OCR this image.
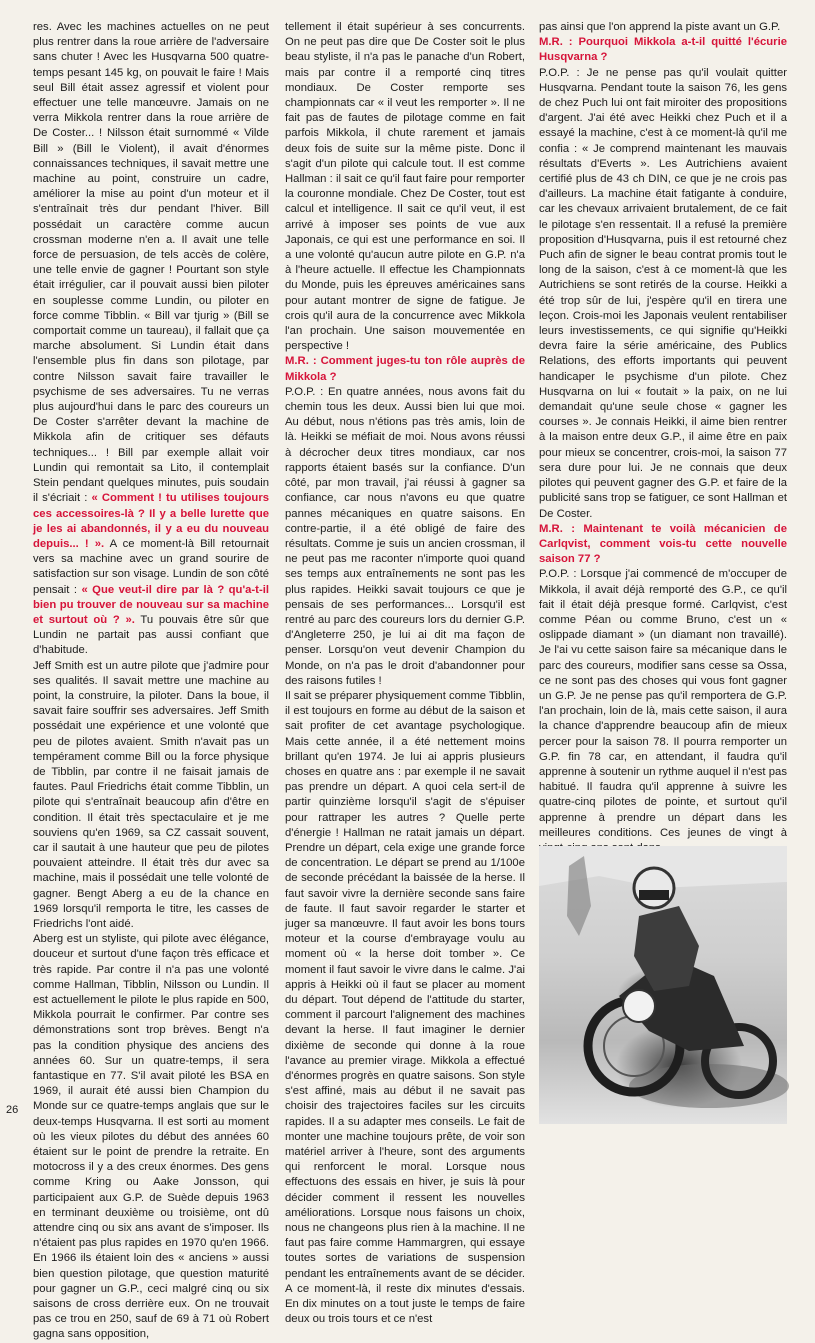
res. Avec les machines actuelles on ne peut plus rentrer dans la roue arrière de l'adversaire sans chuter ! Avec les Husqvarna 500 quatre-temps pesant 145 kg, on pouvait le faire ! Mais seul Bill était assez agressif et violent pour effectuer une telle manœuvre. Jamais on ne verra Mikkola rentrer dans la roue arrière de De Coster... ! Nilsson était surnommé « Vilde Bill » (Bill le Violent), il avait d'énormes connaissances techniques, il savait mettre une machine au point, construire un cadre, améliorer la mise au point d'un moteur et il s'entraînait très dur pendant l'hiver. Bill possédait un caractère comme aucun crossman moderne n'en a. Il avait une telle force de persuasion, de tels accès de colère, une telle envie de gagner ! Pourtant son style était irrégulier, car il pouvait aussi bien piloter en souplesse comme Lundin, ou piloter en force comme Tibblin. « Bill var tjurig » (Bill se comportait comme un taureau), il fallait que ça marche absolument. Si Lundin était dans l'ensemble plus fin dans son pilotage, par contre Nilsson savait faire travailler le psychisme de ses adversaires. Tu ne verras plus aujourd'hui dans le parc des coureurs un De Coster s'arrêter devant la machine de Mikkola afin de critiquer ses défauts techniques... ! Bill par exemple allait voir Lundin qui remontait sa Lito, il contemplait Stein pendant quelques minutes, puis soudain il s'écriait : « Comment ! tu utilises toujours ces accessoires-là ? Il y a belle lurette que je les ai abandonnés, il y a eu du nouveau depuis... ! ». A ce moment-là Bill retournait vers sa machine avec un grand sourire de satisfaction sur son visage. Lundin de son côté pensait : « Que veut-il dire par là ? qu'a-t-il bien pu trouver de nouveau sur sa machine et surtout où ? ». Tu pouvais être sûr que Lundin ne partait pas aussi confiant que d'habitude.
Jeff Smith est un autre pilote que j'admire pour ses qualités. Il savait mettre une machine au point, la construire, la piloter. Dans la boue, il savait faire souffrir ses adversaires. Jeff Smith possédait une expérience et une volonté que peu de pilotes avaient. Smith n'avait pas un tempérament comme Bill ou la force physique de Tibblin, par contre il ne faisait jamais de fautes. Paul Friedrichs était comme Tibblin, un pilote qui s'entraînait beaucoup afin d'être en condition. Il était très spectaculaire et je me souviens qu'en 1969, sa CZ cassait souvent, car il sautait à une hauteur que peu de pilotes pouvaient atteindre. Il était très dur avec sa machine, mais il possédait une telle volonté de gagner. Bengt Aberg a eu de la chance en 1969 lorsqu'il remporta le titre, les casses de Friedrichs l'ont aidé.
Aberg est un styliste, qui pilote avec élégance, douceur et surtout d'une façon très efficace et très rapide. Par contre il n'a pas une volonté comme Hallman, Tibblin, Nilsson ou Lundin. Il est actuellement le pilote le plus rapide en 500, Mikkola pourrait le confirmer. Par contre ses démonstrations sont trop brèves. Bengt n'a pas la condition physique des anciens des années 60. Sur un quatre-temps, il sera fantastique en 77. S'il avait piloté les BSA en 1969, il aurait été aussi bien Champion du Monde sur ce quatre-temps anglais que sur le deux-temps Husqvarna. Il est sorti au moment où les vieux pilotes du début des années 60 étaient sur le point de prendre la retraite. En motocross il y a des creux énormes. Des gens comme Kring ou Aake Jonsson, qui participaient aux G.P. de Suède depuis 1963 en terminant deuxième ou troisième, ont dû attendre cinq ou six ans avant de s'imposer. Ils n'étaient pas plus rapides en 1970 qu'en 1966. En 1966 ils étaient loin des « anciens » aussi bien question pilotage, que question maturité pour gagner un G.P., ceci malgré cinq ou six saisons de cross derrière eux. On ne trouvait pas ce trou en 250, sauf de 69 à 71 où Robert gagna sans opposition,

tellement il était supérieur à ses concurrents. On ne peut pas dire que De Coster soit le plus beau styliste, il n'a pas le panache d'un Robert, mais par contre il a remporté cinq titres mondiaux. De Coster remporte ses championnats car « il veut les remporter ». Il ne fait pas de fautes de pilotage comme en fait parfois Mikkola, il chute rarement et jamais deux fois de suite sur la même piste. Donc il s'agit d'un pilote qui calcule tout. Il est comme Hallman : il sait ce qu'il faut faire pour remporter la couronne mondiale. Chez De Coster, tout est calcul et intelligence. Il sait ce qu'il veut, il est arrivé à imposer ses points de vue aux Japonais, ce qui est une performance en soi. Il a une volonté qu'aucun autre pilote en G.P. n'a à l'heure actuelle. Il effectue les Championnats du Monde, puis les épreuves américaines sans pour autant montrer de signe de fatigue. Je crois qu'il aura de la concurrence avec Mikkola l'an prochain. Une saison mouvementée en perspective !
M.R. : Comment juges-tu ton rôle auprès de Mikkola ?
P.O.P. : En quatre années, nous avons fait du chemin tous les deux. Aussi bien lui que moi. Au début, nous n'étions pas très amis, loin de là. Heikki se méfiait de moi. Nous avons réussi à décrocher deux titres mondiaux, car nos rapports étaient basés sur la confiance. D'un côté, par mon travail, j'ai réussi à gagner sa confiance, car nous n'avons eu que quatre pannes mécaniques en quatre saisons. En contre-partie, il a été obligé de faire des résultats. Comme je suis un ancien crossman, il ne peut pas me raconter n'importe quoi quand ses temps aux entraînements ne sont pas les plus rapides. Heikki savait toujours ce que je pensais de ses performances... Lorsqu'il est rentré au parc des coureurs lors du dernier G.P. d'Angleterre 250, je lui ai dit ma façon de penser. Lorsqu'on veut devenir Champion du Monde, on n'a pas le droit d'abandonner pour des raisons futiles !
Il sait se préparer physiquement comme Tibblin, il est toujours en forme au début de la saison et sait profiter de cet avantage psychologique. Mais cette année, il a été nettement moins brillant qu'en 1974. Je lui ai appris plusieurs choses en quatre ans : par exemple il ne savait pas prendre un départ. A quoi cela sert-il de partir quinzième lorsqu'il s'agit de s'épuiser pour rattraper les autres ? Quelle perte d'énergie ! Hallman ne ratait jamais un départ. Prendre un départ, cela exige une grande force de concentration. Le départ se prend au 1/100e de seconde précédant la baissée de la herse. Il faut savoir vivre la dernière seconde sans faire de faute. Il faut savoir regarder le starter et juger sa manœuvre. Il faut avoir les bons tours moteur et la course d'embrayage voulu au moment où « la herse doit tomber ». Ce moment il faut savoir le vivre dans le calme. J'ai appris à Heikki où il faut se placer au moment du départ. Tout dépend de l'attitude du starter, comment il parcourt l'alignement des machines devant la herse. Il faut imaginer le dernier dixième de seconde qui donne à la roue l'avance au premier virage. Mikkola a effectué d'énormes progrès en quatre saisons. Son style s'est affiné, mais au début il ne savait pas choisir des trajectoires faciles sur les circuits rapides. Il a su adapter mes conseils. Le fait de monter une machine toujours prête, de voir son matériel arriver à l'heure, sont des arguments qui renforcent le moral. Lorsque nous effectuons des essais en hiver, je suis là pour décider comment il ressent les nouvelles améliorations. Lorsque nous faisons un choix, nous ne changeons plus rien à la machine. Il ne faut pas faire comme Hammargren, qui essaye toutes sortes de variations de suspension pendant les entraînements avant de se décider. A ce moment-là, il reste dix minutes d'essais. En dix minutes on a tout juste le temps de faire deux ou trois tours et ce n'est

pas ainsi que l'on apprend la piste avant un G.P.
M.R. : Pourquoi Mikkola a-t-il quitté l'écurie Husqvarna ?
P.O.P. : Je ne pense pas qu'il voulait quitter Husqvarna. Pendant toute la saison 76, les gens de chez Puch lui ont fait miroiter des propositions d'argent. J'ai été avec Heikki chez Puch et il a essayé la machine, c'est à ce moment-là qu'il me confia : « Je comprend maintenant les mauvais résultats d'Everts ». Les Autrichiens avaient certifié plus de 43 ch DIN, ce que je ne crois pas d'ailleurs. La machine était fatigante à conduire, car les chevaux arrivaient brutalement, de ce fait le pilotage s'en ressentait. Il a refusé la première proposition d'Husqvarna, puis il est retourné chez Puch afin de signer le beau contrat promis tout le long de la saison, c'est à ce moment-là que les Autrichiens se sont retirés de la course. Heikki a été trop sûr de lui, j'espère qu'il en tirera une leçon. Crois-moi les Japonais veulent rentabiliser leurs investissements, ce qui signifie qu'Heikki devra faire la série américaine, des Publics Relations, des efforts importants qui peuvent handicaper le psychisme d'un pilote. Chez Husqvarna on lui « foutait » la paix, on ne lui demandait qu'une seule chose « gagner les courses ». Je connais Heikki, il aime bien rentrer à la maison entre deux G.P., il aime être en paix pour mieux se concentrer, crois-moi, la saison 77 sera dure pour lui. Je ne connais que deux pilotes qui peuvent gagner des G.P. et faire de la publicité sans trop se fatiguer, ce sont Hallman et De Coster.
M.R. : Maintenant te voilà mécanicien de Carlqvist, comment vois-tu cette nouvelle saison 77 ?
P.O.P. : Lorsque j'ai commencé de m'occuper de Mikkola, il avait déjà remporté des G.P., ce qu'il fait il était déjà presque formé. Carlqvist, c'est comme Péan ou comme Bruno, c'est un « oslippade diamant » (un diamant non travaillé). Je l'ai vu cette saison faire sa mécanique dans le parc des coureurs, modifier sans cesse sa Ossa, ce ne sont pas des choses qui vous font gagner un G.P. Je ne pense pas qu'il remportera de G.P. l'an prochain, loin de là, mais cette saison, il aura la chance d'apprendre beaucoup afin de mieux percer pour la saison 78. Il pourra remporter un G.P. fin 78 car, en attendant, il faudra qu'il apprenne à soutenir un rythme auquel il n'est pas habitué. Il faudra qu'il apprenne à suivre les quatre-cinq pilotes de pointe, et surtout qu'il apprenne à prendre un départ dans les meilleures conditions. Ces jeunes de vingt à

26
